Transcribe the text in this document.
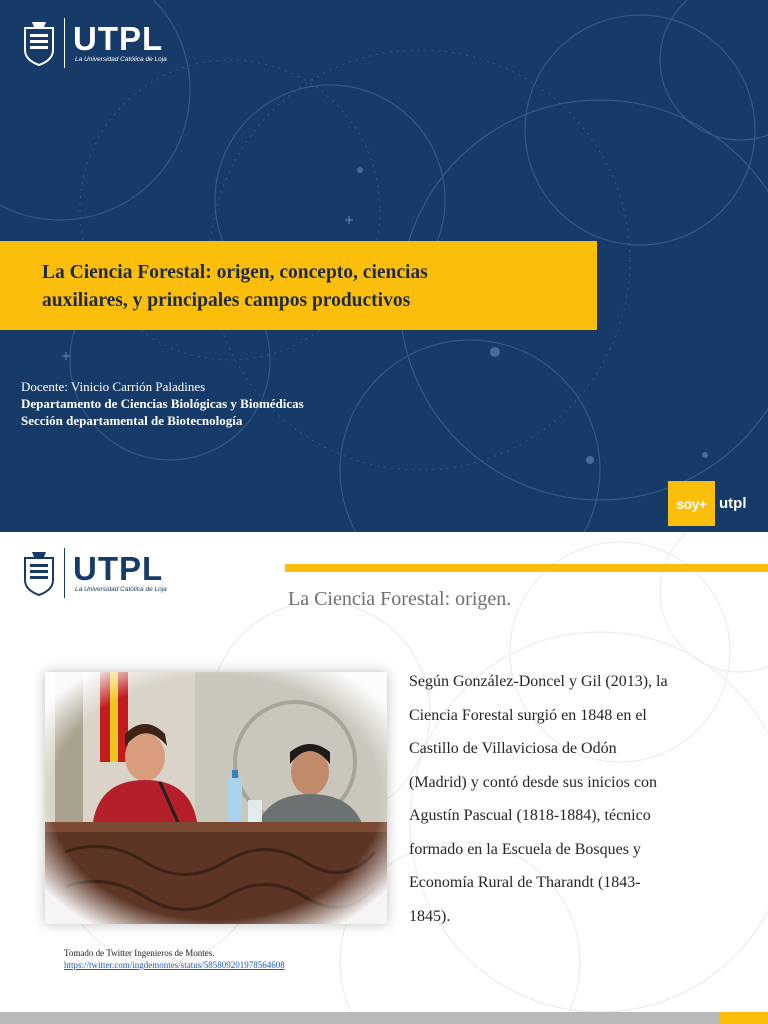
UTPL
La Universidad Católica de Loja
La Ciencia Forestal: origen, concepto, ciencias
auxiliares, y principales campos productivos
Docente: Vinicio Carrión Paladines
Departamento de Ciencias Biológicas y Biomédicas
Sección departamental de Biotecnología
soy+ utpl
UTPL
La Universidad Católica de Loja	La Ciencia Forestal: origen.

Según González-Doncel y Gil (2013), la
Ciencia Forestal surgió en 1848 en el
Castillo de Villaviciosa de Odón
(Madrid) y contó desde sus inicios con
Agustín Pascual (1818-1884), técnico
formado en la Escuela de Bosques y
Economía Rural de Tharandt (1843-
1845).

Tomado de Twitter Ingenieros de Montes.
https://twitter.com/ingdemontes/status/585809201978564608
